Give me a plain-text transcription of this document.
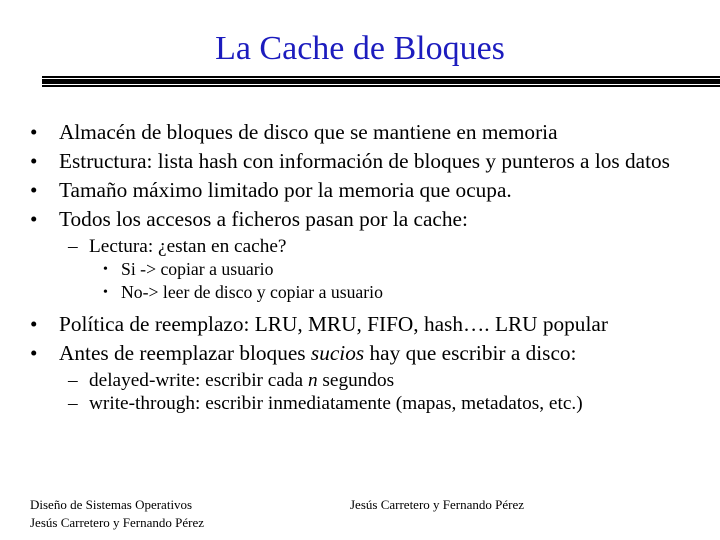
La Cache de Bloques
• Almacén de bloques de disco que se mantiene en memoria
• Estructura: lista hash con información de bloques y punteros a los datos
• Tamaño máximo limitado por la memoria que ocupa.
• Todos los accesos a ficheros pasan por la cache:
– Lectura: ¿estan en cache?
• Si -> copiar a usuario
• No-> leer de disco y copiar a usuario
• Política de reemplazo: LRU, MRU, FIFO, hash…. LRU popular
• Antes de reemplazar bloques sucios hay que escribir a disco:
– delayed-write: escribir cada n segundos
– write-through: escribir inmediatamente (mapas, metadatos, etc.)
Diseño de Sistemas Operativos
Jesús Carretero y Fernando Pérez
Jesús Carretero y Fernando Pérez
